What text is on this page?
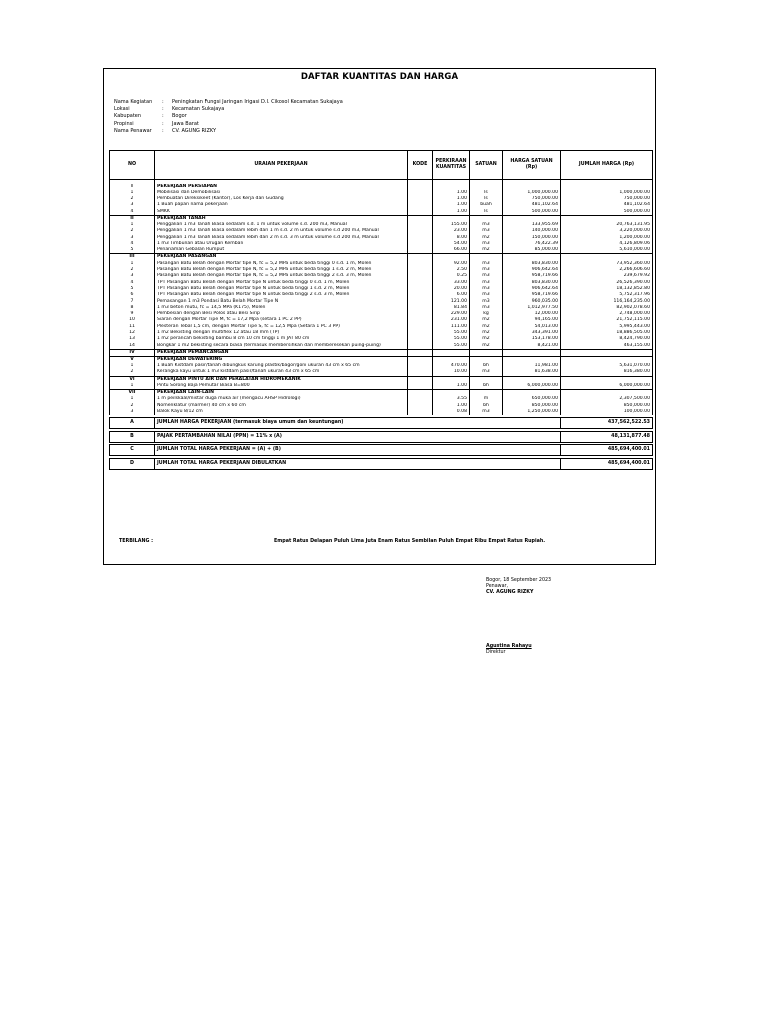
DAFTAR KUANTITAS DAN HARGA
Nama Kegiatan	:	Peningkatan Fungsi Jaringan Irigasi D.I. Cikosol Kecamatan Sukajaya
Lokasi	:	Kecamatan Sukajaya
Kabupaten	:	Bogor
Propinsi	:	Jawa Barat
Nama Penawar	:	CV. AGUNG RIZKY
NO	URAIAN PEKERJAAN	KODE	PERKIRAAN KUANTITAS	SATUAN	HARGA SATUAN (Rp)	JUMLAH HARGA (Rp)

I	PEKERJAAN PERSIAPAN					
1	Mobilisasi dan Demobilisasi		1.00	ls	1,000,000.00	1,000,000.00
2	Pembuatan Direksikeet (Kantor), Los Kerja dan Gudang		1.00	ls	750,000.00	750,000.00
3	1 Buah papan nama pekerjaan		1.00	buah	481,102.64	481,102.64
4	SMKK		1.00	ls	500,000.00	500,000.00
II	PEKERJAAN TANAH					
1	Penggalian 1 m3 Tanah Biasa sedalam s.d. 1 m untuk volume s.d. 200 m3, Manual		155.00	m3	133,955.69	20,763,131.95
2	Penggalian 1 m3 Tanah Biasa sedalam lebih dari 1 m s.d. 2 m untuk volume s.d 200 m3, Manual		23.00	m3	140,000.00	3,220,000.00
3	Penggalian 1 m3 Tanah Biasa sedalam lebih dari 2 m s.d. 3 m untuk volume s.d 200 m3, Manual		8.00	m2	150,000.00	1,200,000.00
4	1 m3 Timbunan atau Urugan Kembali		54.00	m3	76,422.39	4,126,809.06
5	Penanaman Gebalan Rumput		66.00	m2	85,000.00	5,610,000.00
III	PEKERJAAN PASANGAN					
1	Pasangan Batu Belah dengan Mortar tipe N, fc = 5,2 MPa untuk beda tinggi 0 s.d. 1 m, Molen		92.00	m3	803,830.00	73,952,360.00
2	Pasangan Batu Belah dengan Mortar tipe N, fc = 5,2 MPa untuk beda tinggi 1 s.d. 2 m, Molen		2.50	m3	906,642.64	2,266,606.60
3	Pasangan Batu Belah dengan Mortar tipe N, fc = 5,2 MPa untuk beda tinggi 2 s.d. 3 m, Molen		0.25	m3	958,719.66	239,679.92
4	TPT Pasangan Batu Belah dengan Mortar tipe N untuk beda tinggi 0 s.d. 1 m, Molen		33.00	m3	803,830.00	26,526,390.00
5	TPT Pasangan Batu Belah dengan Mortar tipe N untuk beda tinggi 1 s.d. 2 m, Molen		20.00	m3	906,642.64	18,132,852.80
6	TPT Pasangan Batu Belah dengan Mortar tipe N untuk beda tinggi 2 s.d. 3 m, Molen		6.00	m3	958,719.66	5,752,317.96
7	Pemasangan 1 m3 Pondasi Batu Belah Mortar Tipe N		121.00	m3	960,035.00	116,164,235.00
8	1 m3 beton mutu, fc = 14,5 MPa (K175), Molen		81.84	m3	1,012,977.50	82,902,078.60
9	Pembesian dengan Besi Polos atau Besi Sirip		229.00	kg	12,000.00	2,748,000.00
10	Siaran dengan Mortar Tipe M, fc = 17,2 Mpa (setara 1 PC 2 PP)		231.00	m2	94,165.00	21,752,115.00
11	Plesteran Tebal 1,5 cm, dengan Mortar Tipe S, fc = 12,5 Mpa (Setara 1 PC 3 PP)		111.00	m2	54,013.00	5,995,443.00
12	1 m2 Bekisting dengan multiflex 12 atau 18 mm (TP)		55.00	m2	343,391.00	18,886,505.00
13	1 m2 perancah bekisting bambu 8 cm 10 cm tinggi 1 m JAT 80 cm		55.00	m2	153,178.00	8,424,790.00
14	Bongkar 1 m2 bekisting secara biasa (termasuk membersihkan dan memberesekan puing-puing)		55.00	m2	8,421.00	463,155.00
IV	PEKERJAAN PEMANCANGAN					
V	PEKERJAAN DEWATERING					
1	1 Buah Kistdam pasir/tanah dibungkus karung plastik/bagor/goni ukuran 43 cm x 65 cm		470.00	bh	11,981.00	5,631,070.00
2	Kerangka kayu untuk 1 m3 kistdam pasir/tanah ukuran 43 cm x 65 cm		10.00	m3	81,638.00	816,380.00
VI	PEKERJAAN PINTU AIR DAN PERALATAN HIDROMEKANIK					
1	Pintu Sorong Baja Pemutar Biasa B=800		1.00	bh	6,000,000.00	6,000,000.00
VII	PEKERJAAN LAIN-LAIN					
1	1 m peilskaal/mistar duga muka air (mengacu AHSP Hidrologi)		3.55	m	650,000.00	2,307,500.00
2	Nomenklatur (marmer) 40 cm x 60 cm		1.00	bh	850,000.00	850,000.00
3	Balok Kayu 8/12 cm		0.08	m3	1,250,000.00	100,000.00

A	JUMLAH HARGA PEKERJAAN (termasuk biaya umum dan keuntungan)					437,562,522.53

B	PAJAK PERTAMBAHAN NILAI (PPN) = 11% x (A)					48,131,877.48

C	JUMLAH TOTAL HARGA PEKERJAAN = (A) + (B)					485,694,400.01

D	JUMLAH TOTAL HARGA PEKERJAAN DIBULATKAN					485,694,400.01
TERBILANG :	Empat Ratus Delapan Puluh Lima Juta Enam Ratus Sembilan Puluh Empat Ribu Empat Ratus Rupiah.
Bogor, 18 September 2023
Penawar,
CV. AGUNG RIZKY
Agustina Rahayu
Direktur
